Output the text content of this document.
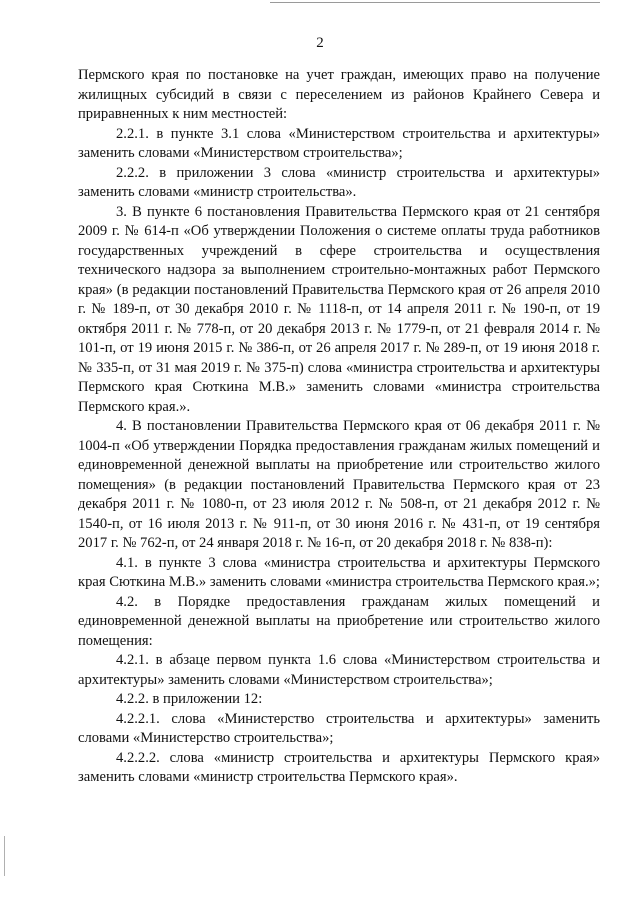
2

Пермского края по постановке на учет граждан, имеющих право на получение жилищных субсидий в связи с переселением из районов Крайнего Севера и приравненных к ним местностей:

2.2.1. в пункте 3.1 слова «Министерством строительства и архитектуры» заменить словами «Министерством строительства»;

2.2.2. в приложении 3 слова «министр строительства и архитектуры» заменить словами «министр строительства».

3. В пункте 6 постановления Правительства Пермского края от 21 сентября 2009 г. № 614-п «Об утверждении Положения о системе оплаты труда работников государственных учреждений в сфере строительства и осуществления технического надзора за выполнением строительно-монтажных работ Пермского края» (в редакции постановлений Правительства Пермского края от 26 апреля 2010 г. № 189-п, от 30 декабря 2010 г. № 1118-п, от 14 апреля 2011 г. № 190-п, от 19 октября 2011 г. № 778-п, от 20 декабря 2013 г. № 1779-п, от 21 февраля 2014 г. № 101-п, от 19 июня 2015 г. № 386-п, от 26 апреля 2017 г. № 289-п, от 19 июня 2018 г. № 335-п, от 31 мая 2019 г. № 375-п) слова «министра строительства и архитектуры Пермского края Сюткина М.В.» заменить словами «министра строительства Пермского края.».

4. В постановлении Правительства Пермского края от 06 декабря 2011 г. № 1004-п «Об утверждении Порядка предоставления гражданам жилых помещений и единовременной денежной выплаты на приобретение или строительство жилого помещения» (в редакции постановлений Правительства Пермского края от 23 декабря 2011 г. № 1080-п, от 23 июля 2012 г. № 508-п, от 21 декабря 2012 г. № 1540-п, от 16 июля 2013 г. № 911-п, от 30 июня 2016 г. № 431-п, от 19 сентября 2017 г. № 762-п, от 24 января 2018 г. № 16-п, от 20 декабря 2018 г. № 838-п):

4.1. в пункте 3 слова «министра строительства и архитектуры Пермского края Сюткина М.В.» заменить словами «министра строительства Пермского края.»;

4.2. в Порядке предоставления гражданам жилых помещений и единовременной денежной выплаты на приобретение или строительство жилого помещения:

4.2.1. в абзаце первом пункта 1.6 слова «Министерством строительства и архитектуры» заменить словами «Министерством строительства»;

4.2.2. в приложении 12:

4.2.2.1. слова «Министерство строительства и архитектуры» заменить словами «Министерство строительства»;

4.2.2.2. слова «министр строительства и архитектуры Пермского края» заменить словами «министр строительства Пермского края».
